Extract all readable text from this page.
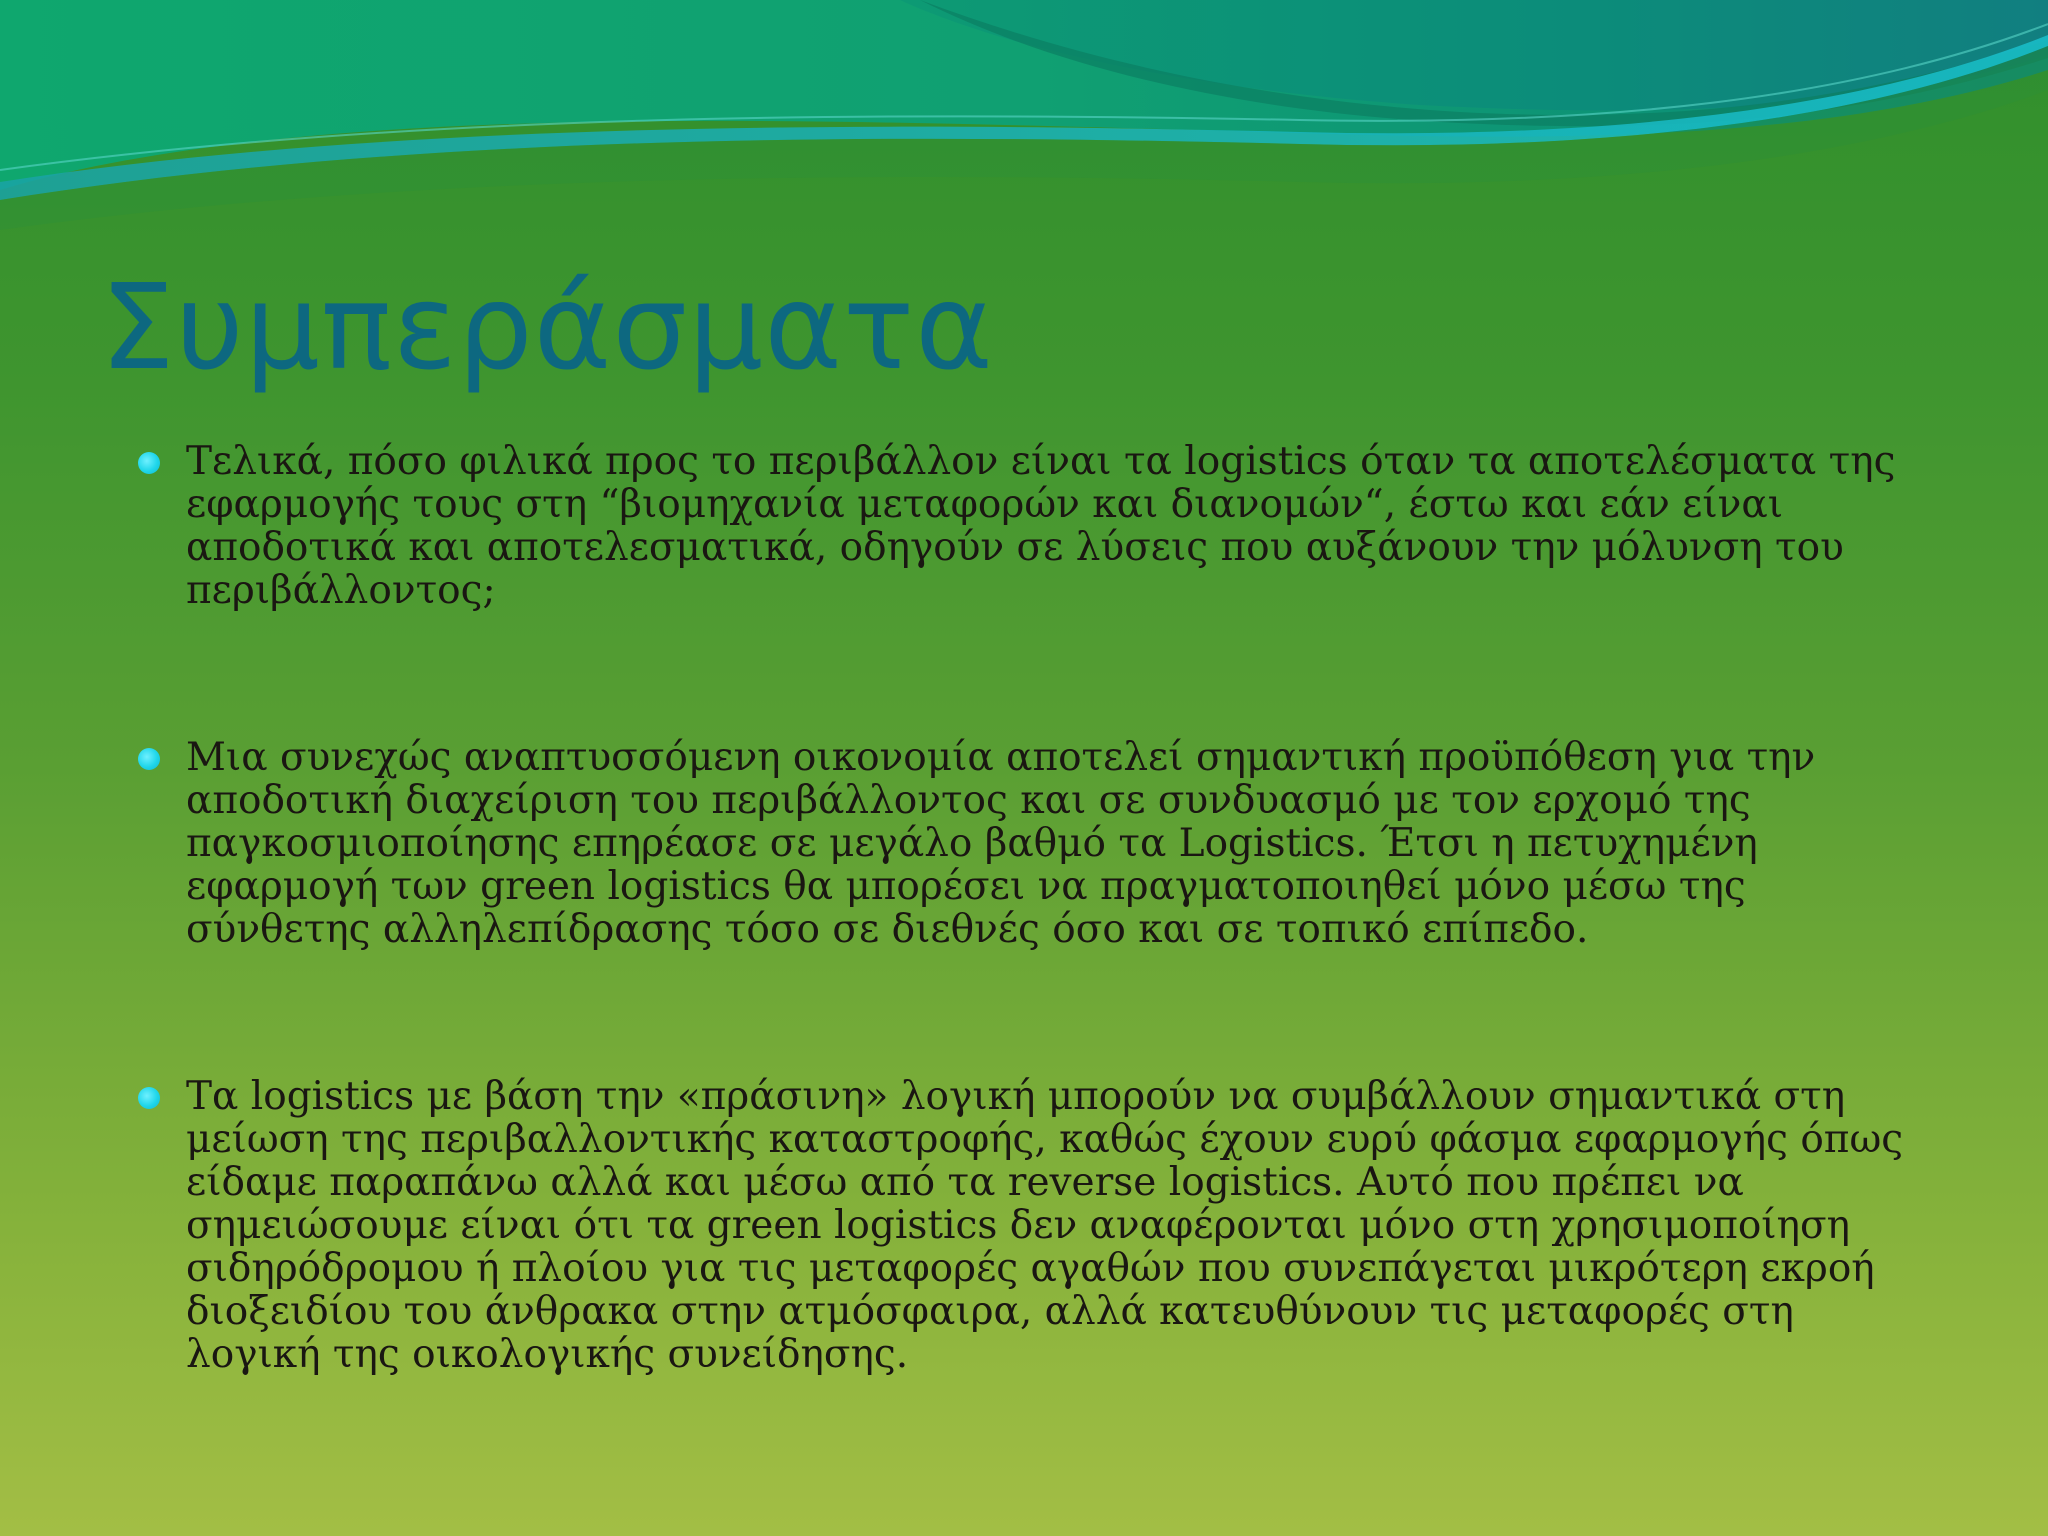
Συμπεράσματα
Τελικά, πόσο φιλικά προς το περιβάλλον είναι τα logistics όταν τα αποτελέσματα της εφαρμογής τους στη “βιομηχανία μεταφορών και διανομών“, έστω και εάν είναι αποδοτικά και αποτελεσματικά, οδηγούν σε λύσεις που αυξάνουν την μόλυνση του περιβάλλοντος;
Μια συνεχώς αναπτυσσόμενη οικονομία αποτελεί σημαντική προϋπόθεση για την αποδοτική διαχείριση του περιβάλλοντος και σε συνδυασμό με τον ερχομό της παγκοσμιοποίησης επηρέασε σε μεγάλο βαθμό τα Logistics. Έτσι η πετυχημένη εφαρμογή των green logistics θα μπορέσει να πραγματοποιηθεί μόνο μέσω της σύνθετης αλληλεπίδρασης τόσο σε διεθνές όσο και σε τοπικό επίπεδο.
Τα logistics με βάση την «πράσινη» λογική μπορούν να συμβάλλουν σημαντικά στη μείωση της περιβαλλοντικής καταστροφής, καθώς έχουν ευρύ φάσμα εφαρμογής όπως είδαμε παραπάνω αλλά και μέσω από τα reverse logistics. Αυτό που πρέπει να σημειώσουμε είναι ότι τα green logistics δεν αναφέρονται μόνο στη χρησιμοποίηση σιδηρόδρομου ή πλοίου για τις μεταφορές αγαθών που συνεπάγεται μικρότερη εκροή διοξειδίου του άνθρακα στην ατμόσφαιρα, αλλά κατευθύνουν τις μεταφορές στη λογική της οικολογικής συνείδησης.
